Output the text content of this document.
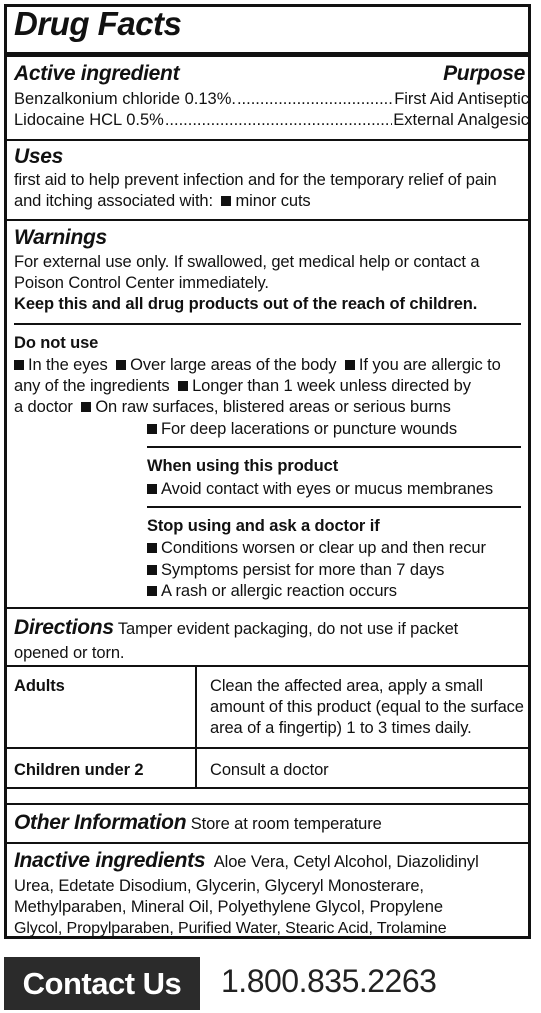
Drug Facts
Active ingredient	Purpose
Benzalkonium chloride 0.13%. .....	First Aid Antiseptic
Lidocaine HCL 0.5% .....	External Analgesic
Uses
first aid to help prevent infection and for the temporary relief of pain
and itching associated with: minor cuts
Warnings
For external use only. If swallowed, get medical help or contact a
Poison Control Center immediately.
Keep this and all drug products out of the reach of children.
Do not use
In the eyes Over large areas of the body If you are allergic to
any of the ingredients Longer than 1 week unless directed by
a doctor On raw surfaces, blistered areas or serious burns
For deep lacerations or puncture wounds
When using this product
Avoid contact with eyes or mucus membranes
Stop using and ask a doctor if
Conditions worsen or clear up and then recur
Symptoms persist for more than 7 days
A rash or allergic reaction occurs
Directions Tamper evident packaging, do not use if packet
opened or torn.
Adults	Clean the affected area, apply a small
amount of this product (equal to the surface
area of a fingertip) 1 to 3 times daily.
Children under 2	Consult a doctor
Other Information Store at room temperature
Inactive ingredients Aloe Vera, Cetyl Alcohol, Diazolidinyl
Urea, Edetate Disodium, Glycerin, Glyceryl Monosterare,
Methylparaben, Mineral Oil, Polyethylene Glycol, Propylene
Glycol, Propylparaben, Purified Water, Stearic Acid, Trolamine
Contact Us	1.800.835.2263
